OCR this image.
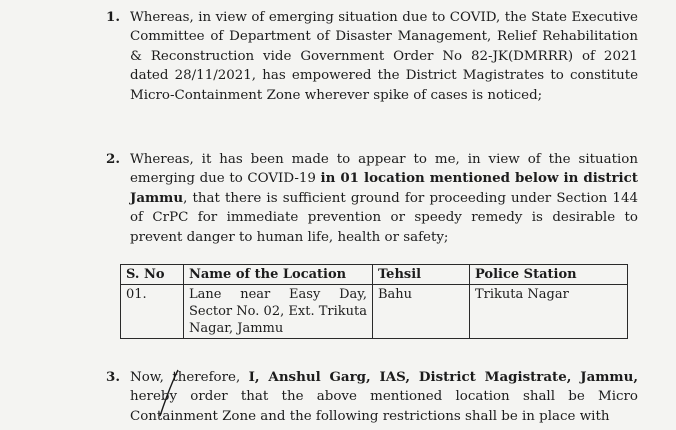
1. Whereas, in view of emerging situation due to COVID, the State Executive Committee of Department of Disaster Management, Relief Rehabilitation & Reconstruction vide Government Order No 82-JK(DMRRR) of 2021 dated 28/11/2021, has empowered the District Magistrates to constitute Micro-Containment Zone wherever spike of cases is noticed;
2. Whereas, it has been made to appear to me, in view of the situation emerging due to COVID-19 in 01 location mentioned below in district Jammu, that there is sufficient ground for proceeding under Section 144 of CrPC for immediate prevention or speedy remedy is desirable to prevent danger to human life, health or safety;
S. No	Name of the Location	Tehsil	Police Station
01.	Lane near Easy Day, Sector No. 02, Ext. Trikuta Nagar, Jammu	Bahu	Trikuta Nagar
3. Now, therefore, I, Anshul Garg, IAS, District Magistrate, Jammu, hereby order that the above mentioned location shall be Micro Containment Zone and the following restrictions shall be in place with
